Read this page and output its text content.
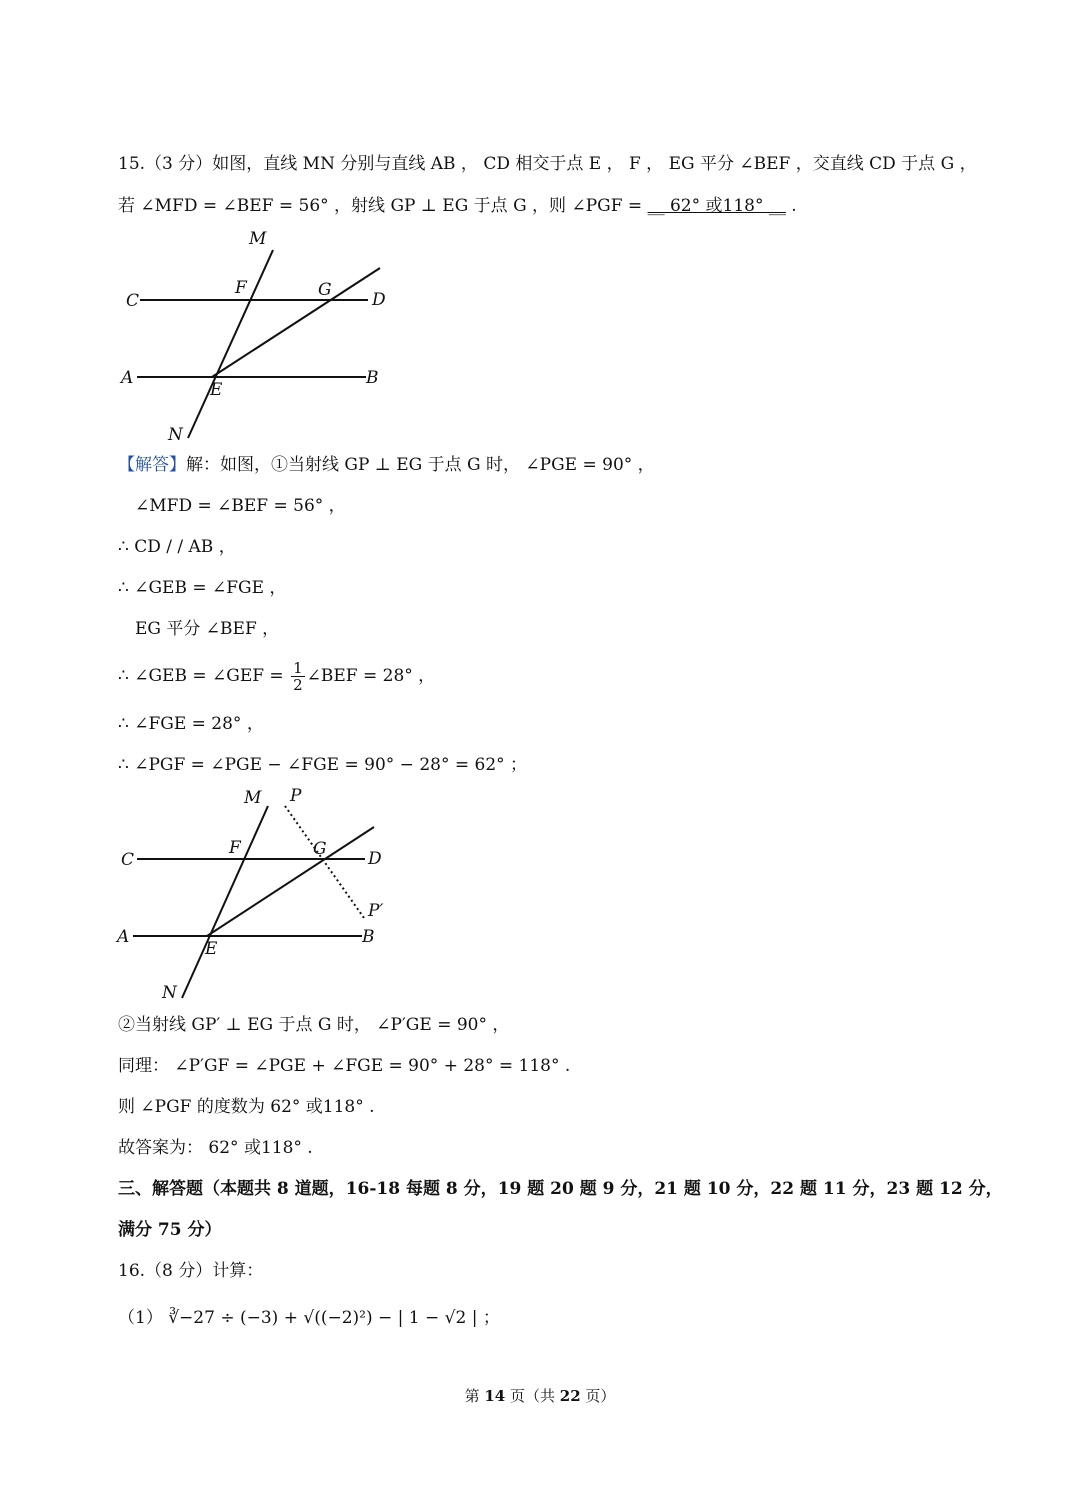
15.（3 分）如图，直线 MN 分别与直线 AB ， CD 相交于点 E ， F ， EG 平分 ∠BEF ，交直线 CD 于点 G ，
若 ∠MFD = ∠BEF = 56° ，射线 GP ⊥ EG 于点 G ，则 ∠PGF = __ 62° 或118° __ .
M
C
F	G D
A
E
B
N
【解答】解：如图，①当射线 GP ⊥ EG 于点 G 时， ∠PGE = 90° ，
∠MFD = ∠BEF = 56° ，
∴ CD / / AB ，
∴ ∠GEB = ∠FGE ，
EG 平分 ∠BEF ，
∴ ∠GEB = ∠GEF = $\frac{1}{2}$ ∠BEF = 28° ，
∴ ∠FGE = 28° ，
∴ ∠PGF = ∠PGE − ∠FGE = 90° − 28° = 62° ；
M P
C
F	G D
P′
A
E
B
N
②当射线 GP′ ⊥ EG 于点 G 时， ∠P′GE = 90° ，
同理： ∠P′GF = ∠PGE + ∠FGE = 90° + 28° = 118° .
则 ∠PGF 的度数为 62° 或118° .
故答案为： 62° 或118° .
三、解答题（本题共 8 道题，16-18 每题 8 分，19 题 20 题 9 分，21 题 10 分，22 题 11 分，23 题 12 分，
满分 75 分）
16.（8 分）计算：
（1） ∛−27 ÷ (−3) + √((−2)²) − | 1 − √2 | ；
第 14 页（共 22 页）
